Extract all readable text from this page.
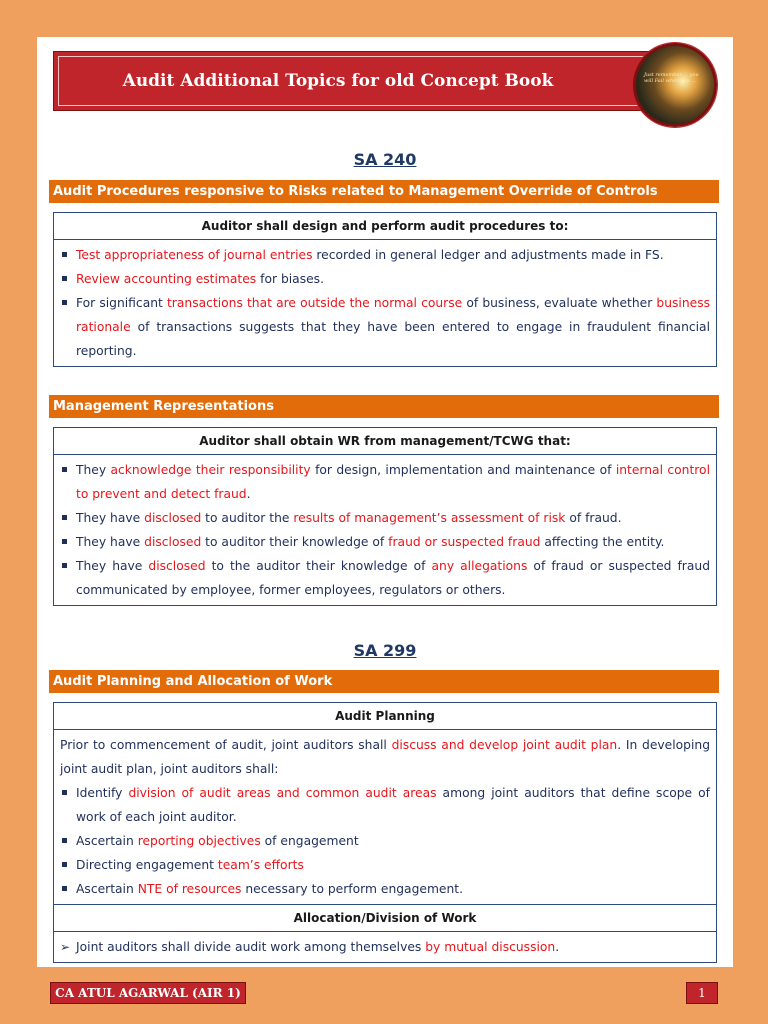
Audit Additional Topics for old Concept Book	Just remember ... you will Fail when you ...
SA 240
Audit Procedures responsive to Risks related to Management Override of Controls
Auditor shall design and perform audit procedures to:
Test appropriateness of journal entries recorded in general ledger and adjustments made in FS.
Review accounting estimates for biases.
For significant transactions that are outside the normal course of business, evaluate whether business rationale of transactions suggests that they have been entered to engage in fraudulent financial reporting.
Management Representations
Auditor shall obtain WR from management/TCWG that:
They acknowledge their responsibility for design, implementation and maintenance of internal control to prevent and detect fraud.
They have disclosed to auditor the results of management’s assessment of risk of fraud.
They have disclosed to auditor their knowledge of fraud or suspected fraud affecting the entity.
They have disclosed to the auditor their knowledge of any allegations of fraud or suspected fraud communicated by employee, former employees, regulators or others.
SA 299
Audit Planning and Allocation of Work
Audit Planning
Prior to commencement of audit, joint auditors shall discuss and develop joint audit plan. In developing joint audit plan, joint auditors shall:
Identify division of audit areas and common audit areas among joint auditors that define scope of work of each joint auditor.
Ascertain reporting objectives of engagement
Directing engagement team’s efforts
Ascertain NTE of resources necessary to perform engagement.
Allocation/Division of Work
➢ Joint auditors shall divide audit work among themselves by mutual discussion.
CA ATUL AGARWAL (AIR 1)	1
